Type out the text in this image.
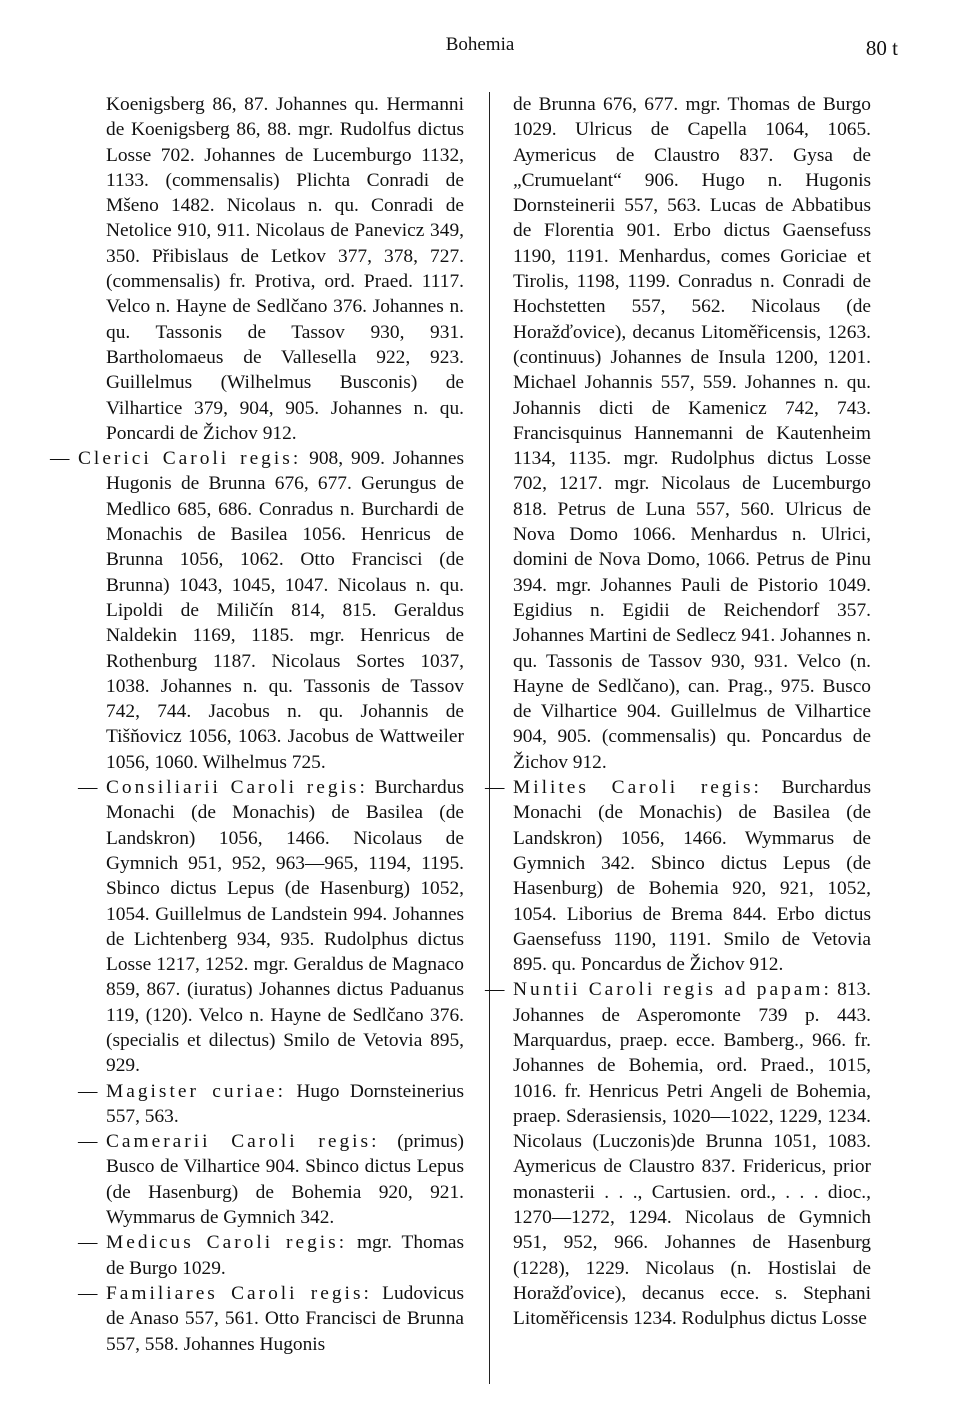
Bohemia	80 t

Koenigsberg 86, 87. Johannes qu. Hermanni de Koenigsberg 86, 88. mgr. Rudolfus dictus Losse 702. Johannes de Lucemburgo 1132, 1133. (commensalis) Plichta Conradi de Mšeno 1482. Nicolaus n. qu. Conradi de Netolice 910, 911. Nicolaus de Panevicz 349, 350. Přibislaus de Letkov 377, 378, 727. (commensalis) fr. Protiva, ord. Praed. 1117. Velco n. Hayne de Sedlčano 376. Johannes n. qu. Tassonis de Tassov 930, 931. Bartholomaeus de Vallesella 922, 923. Guillelmus (Wilhelmus Busconis) de Vilhartice 379, 904, 905. Johannes n. qu. Poncardi de Žichov 912.

— Clerici Caroli regis: 908, 909. Johannes Hugonis de Brunna 676, 677. Gerungus de Medlico 685, 686. Conradus n. Burchardi de Monachis de Basilea 1056. Henricus de Brunna 1056, 1062. Otto Francisci (de Brunna) 1043, 1045, 1047. Nicolaus n. qu. Lipoldi de Miličín 814, 815. Geraldus Naldekin 1169, 1185. mgr. Henricus de Rothenburg 1187. Nicolaus Sortes 1037, 1038. Johannes n. qu. Tassonis de Tassov 742, 744. Jacobus n. qu. Johannis de Tišňovicz 1056, 1063. Jacobus de Wattweiler 1056, 1060. Wilhelmus 725.

— Consiliarii Caroli regis: Burchardus Monachi (de Monachis) de Basilea (de Landskron) 1056, 1466. Nicolaus de Gymnich 951, 952, 963—965, 1194, 1195. Sbinco dictus Lepus (de Hasenburg) 1052, 1054. Guillelmus de Landstein 994. Johannes de Lichtenberg 934, 935. Rudolphus dictus Losse 1217, 1252. mgr. Geraldus de Magnaco 859, 867. (iuratus) Johannes dictus Paduanus 119, (120). Velco n. Hayne de Sedlčano 376. (specialis et dilectus) Smilo de Vetovia 895, 929.

— Magister curiae: Hugo Dornsteinerius 557, 563.

— Camerarii Caroli regis: (primus) Busco de Vilhartice 904. Sbinco dictus Lepus (de Hasenburg) de Bohemia 920, 921. Wymmarus de Gymnich 342.

— Medicus Caroli regis: mgr. Thomas de Burgo 1029.

— Familiares Caroli regis: Ludovicus de Anaso 557, 561. Otto Francisci de Brunna 557, 558. Johannes Hugonis

de Brunna 676, 677. mgr. Thomas de Burgo 1029. Ulricus de Capella 1064, 1065. Aymericus de Claustro 837. Gysa de „Crumuelant“ 906. Hugo n. Hugonis Dornsteinerii 557, 563. Lucas de Abbatibus de Florentia 901. Erbo dictus Gaensefuss 1190, 1191. Menhardus, comes Goriciae et Tirolis, 1198, 1199. Conradus n. Conradi de Hochstetten 557, 562. Nicolaus (de Horažďovice), decanus Litoměřicensis, 1263. (continuus) Johannes de Insula 1200, 1201. Michael Johannis 557, 559. Johannes n. qu. Johannis dicti de Kamenicz 742, 743. Francisquinus Hannemanni de Kautenheim 1134, 1135. mgr. Rudolphus dictus Losse 702, 1217. mgr. Nicolaus de Lucemburgo 818. Petrus de Luna 557, 560. Ulricus de Nova Domo 1066. Menhardus n. Ulrici, domini de Nova Domo, 1066. Petrus de Pinu 394. mgr. Johannes Pauli de Pistorio 1049. Egidius n. Egidii de Reichendorf 357. Johannes Martini de Sedlecz 941. Johannes n. qu. Tassonis de Tassov 930, 931. Velco (n. Hayne de Sedlčano), can. Prag., 975. Busco de Vilhartice 904. Guillelmus de Vilhartice 904, 905. (commensalis) qu. Poncardus de Žichov 912.

— Milites Caroli regis: Burchardus Monachi (de Monachis) de Basilea (de Landskron) 1056, 1466. Wymmarus de Gymnich 342. Sbinco dictus Lepus (de Hasenburg) de Bohemia 920, 921, 1052, 1054. Liborius de Brema 844. Erbo dictus Gaensefuss 1190, 1191. Smilo de Vetovia 895. qu. Poncardus de Žichov 912.

— Nuntii Caroli regis ad papam: 813. Johannes de Asperomonte 739 p. 443. Marquardus, praep. ecce. Bamberg., 966. fr. Johannes de Bohemia, ord. Praed., 1015, 1016. fr. Henricus Petri Angeli de Bohemia, praep. Sderasiensis, 1020—1022, 1229, 1234. Nicolaus (Luczonis)de Brunna 1051, 1083. Aymericus de Claustro 837. Fridericus, prior monasterii . . ., Cartusien. ord., . . . dioc., 1270—1272, 1294. Nicolaus de Gymnich 951, 952, 966. Johannes de Hasenburg (1228), 1229. Nicolaus (n. Hostislai de Horažďovice), decanus ecce. s. Stephani Litoměřicensis 1234. Rodulphus dictus Losse
